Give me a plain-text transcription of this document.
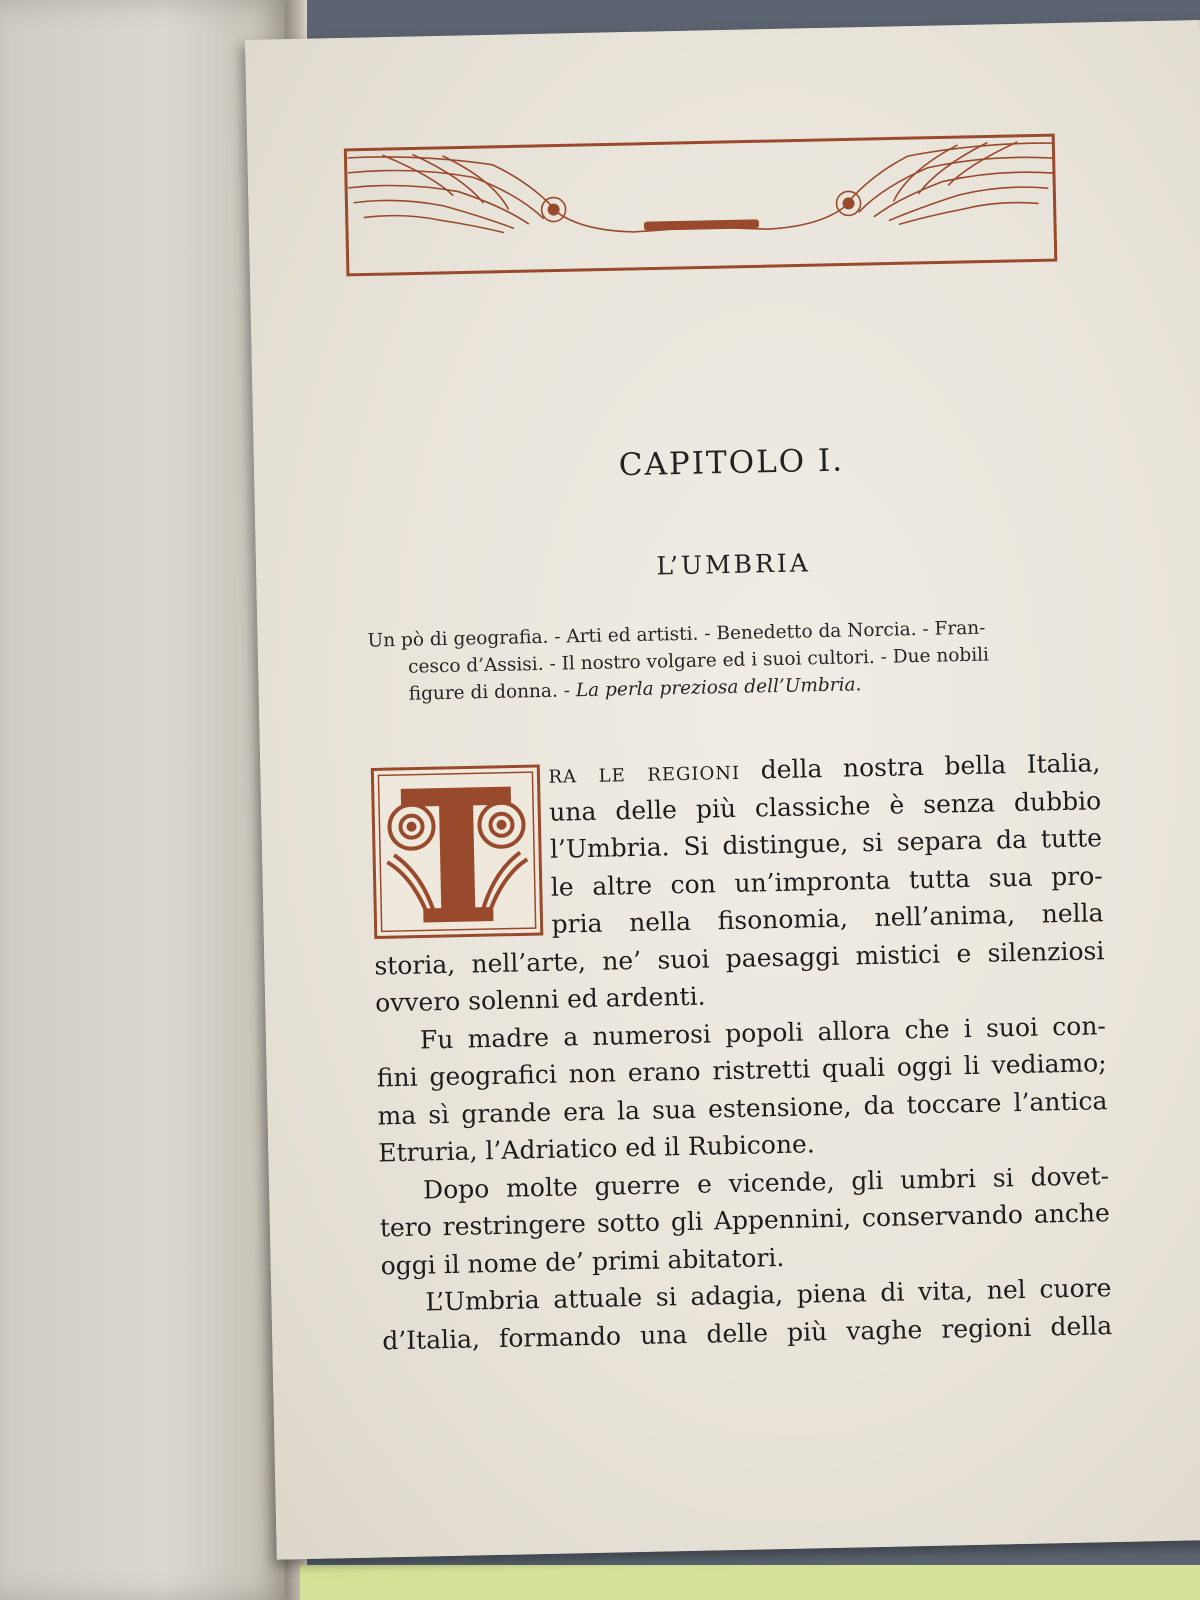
CAPITOLO I.
L’UMBRIA
Un pò di geografia. - Arti ed artisti. - Benedetto da Norcia. - Fran-
cesco d’Assisi. - Il nostro volgare ed i suoi cultori. - Due nobili
figure di donna. - La perla preziosa dell’Umbria.
ra le regioni della nostra bella Italia,
una delle più classiche è senza dubbio
l’Umbria. Si distingue, si separa da tutte
le altre con un’impronta tutta sua pro-
pria nella fisonomia, nell’anima, nella
storia, nell’arte, ne’ suoi paesaggi mistici e silenziosi
ovvero solenni ed ardenti.
Fu madre a numerosi popoli allora che i suoi con-
fini geografici non erano ristretti quali oggi li vediamo;
ma sì grande era la sua estensione, da toccare l’antica
Etruria, l’Adriatico ed il Rubicone.
Dopo molte guerre e vicende, gli umbri si dovet-
tero restringere sotto gli Appennini, conservando anche
oggi il nome de’ primi abitatori.
L’Umbria attuale si adagia, piena di vita, nel cuore
d’Italia, formando una delle più vaghe regioni della
